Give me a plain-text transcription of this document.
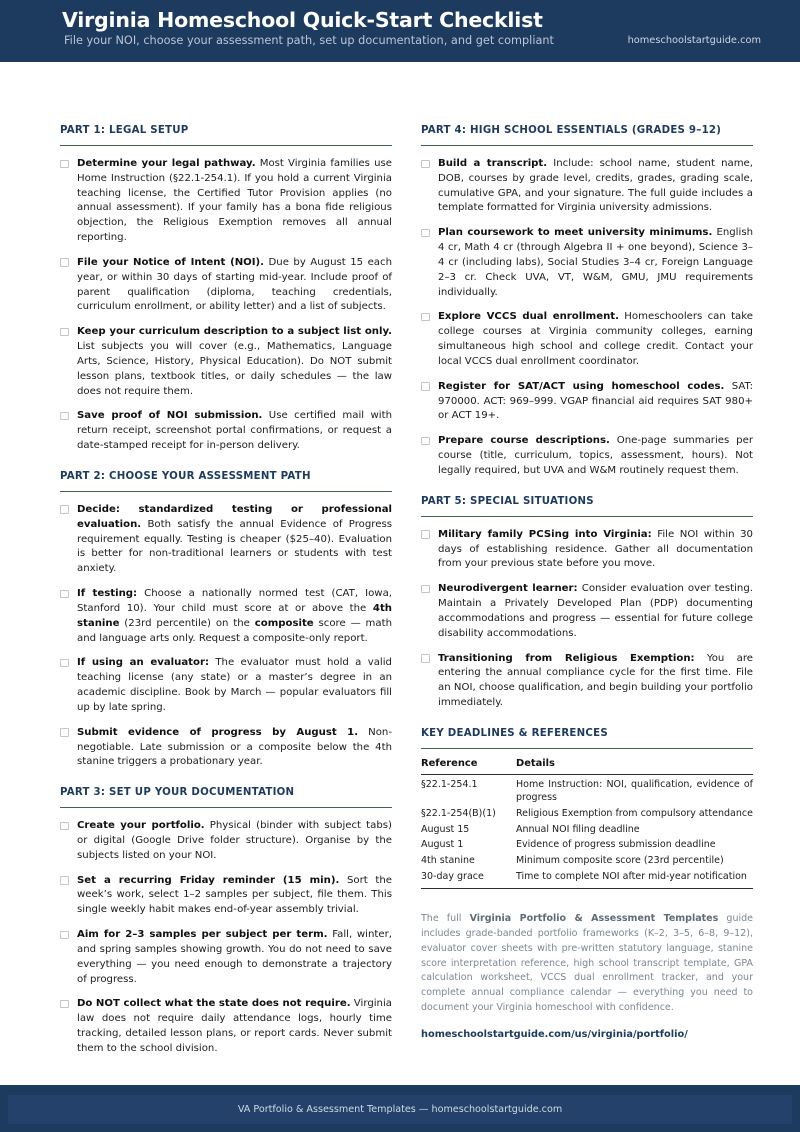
Virginia Homeschool Quick-Start Checklist
File your NOI, choose your assessment path, set up documentation, and get compliant	homeschoolstartguide.com
PART 1: LEGAL SETUP
Determine your legal pathway. Most Virginia families use Home Instruction (§22.1-254.1). If you hold a current Virginia teaching license, the Certified Tutor Provision applies (no annual assessment). If your family has a bona fide religious objection, the Religious Exemption removes all annual reporting.
File your Notice of Intent (NOI). Due by August 15 each year, or within 30 days of starting mid-year. Include proof of parent qualification (diploma, teaching credentials, curriculum enrollment, or ability letter) and a list of subjects.
Keep your curriculum description to a subject list only. List subjects you will cover (e.g., Mathematics, Language Arts, Science, History, Physical Education). Do NOT submit lesson plans, textbook titles, or daily schedules — the law does not require them.
Save proof of NOI submission. Use certified mail with return receipt, screenshot portal confirmations, or request a date-stamped receipt for in-person delivery.
PART 2: CHOOSE YOUR ASSESSMENT PATH
Decide: standardized testing or professional evaluation. Both satisfy the annual Evidence of Progress requirement equally. Testing is cheaper ($25–40). Evaluation is better for non-traditional learners or students with test anxiety.
If testing: Choose a nationally normed test (CAT, Iowa, Stanford 10). Your child must score at or above the 4th stanine (23rd percentile) on the composite score — math and language arts only. Request a composite-only report.
If using an evaluator: The evaluator must hold a valid teaching license (any state) or a master’s degree in an academic discipline. Book by March — popular evaluators fill up by late spring.
Submit evidence of progress by August 1. Non-negotiable. Late submission or a composite below the 4th stanine triggers a probationary year.
PART 3: SET UP YOUR DOCUMENTATION
Create your portfolio. Physical (binder with subject tabs) or digital (Google Drive folder structure). Organise by the subjects listed on your NOI.
Set a recurring Friday reminder (15 min). Sort the week’s work, select 1–2 samples per subject, file them. This single weekly habit makes end-of-year assembly trivial.
Aim for 2–3 samples per subject per term. Fall, winter, and spring samples showing growth. You do not need to save everything — you need enough to demonstrate a trajectory of progress.
Do NOT collect what the state does not require. Virginia law does not require daily attendance logs, hourly time tracking, detailed lesson plans, or report cards. Never submit them to the school division.
PART 4: HIGH SCHOOL ESSENTIALS (GRADES 9–12)
Build a transcript. Include: school name, student name, DOB, courses by grade level, credits, grades, grading scale, cumulative GPA, and your signature. The full guide includes a template formatted for Virginia university admissions.
Plan coursework to meet university minimums. English 4 cr, Math 4 cr (through Algebra II + one beyond), Science 3–4 cr (including labs), Social Studies 3–4 cr, Foreign Language 2–3 cr. Check UVA, VT, W&M, GMU, JMU requirements individually.
Explore VCCS dual enrollment. Homeschoolers can take college courses at Virginia community colleges, earning simultaneous high school and college credit. Contact your local VCCS dual enrollment coordinator.
Register for SAT/ACT using homeschool codes. SAT: 970000. ACT: 969–999. VGAP financial aid requires SAT 980+ or ACT 19+.
Prepare course descriptions. One-page summaries per course (title, curriculum, topics, assessment, hours). Not legally required, but UVA and W&M routinely request them.
PART 5: SPECIAL SITUATIONS
Military family PCSing into Virginia: File NOI within 30 days of establishing residence. Gather all documentation from your previous state before you move.
Neurodivergent learner: Consider evaluation over testing. Maintain a Privately Developed Plan (PDP) documenting accommodations and progress — essential for future college disability accommodations.
Transitioning from Religious Exemption: You are entering the annual compliance cycle for the first time. File an NOI, choose qualification, and begin building your portfolio immediately.
KEY DEADLINES & REFERENCES
Reference	Details
§22.1-254.1	Home Instruction: NOI, qualification, evidence of progress
§22.1-254(B)(1)	Religious Exemption from compulsory attendance
August 15	Annual NOI filing deadline
August 1	Evidence of progress submission deadline
4th stanine	Minimum composite score (23rd percentile)
30-day grace	Time to complete NOI after mid-year notification
The full Virginia Portfolio & Assessment Templates guide includes grade-banded portfolio frameworks (K–2, 3–5, 6–8, 9–12), evaluator cover sheets with pre-written statutory language, stanine score interpretation reference, high school transcript template, GPA calculation worksheet, VCCS dual enrollment tracker, and your complete annual compliance calendar — everything you need to document your Virginia homeschool with confidence.
homeschoolstartguide.com/us/virginia/portfolio/
VA Portfolio & Assessment Templates — homeschoolstartguide.com
